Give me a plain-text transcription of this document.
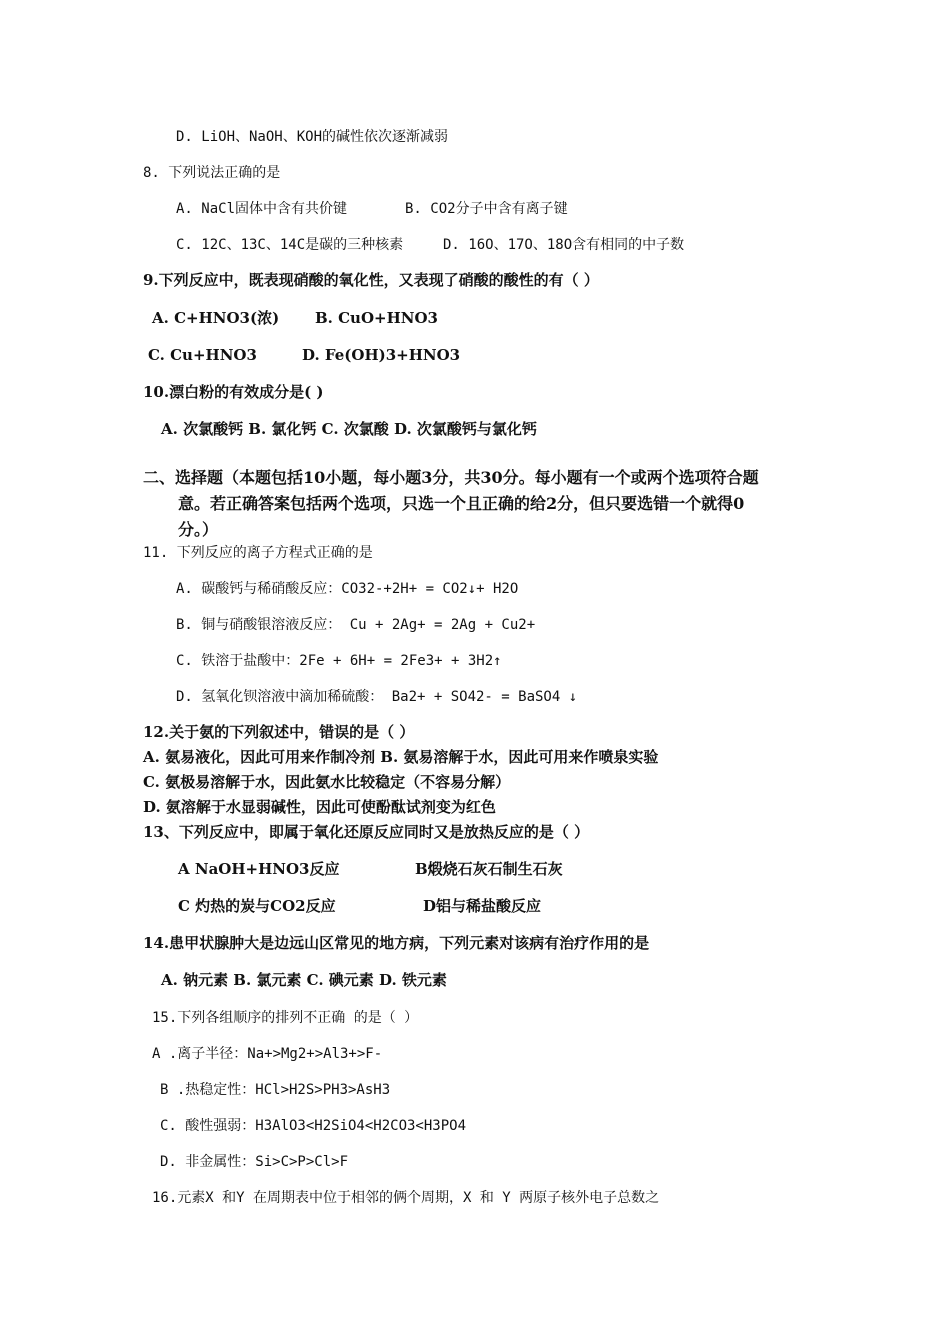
D. LiOH、NaOH、KOH的碱性依次逐渐减弱
8. 下列说法正确的是
A. NaCl固体中含有共价键	B. CO2分子中含有离子键
C. 12C、13C、14C是碳的三种核素	D. 16O、17O、18O含有相同的中子数
9.下列反应中，既表现硝酸的氧化性，又表现了硝酸的酸性的有（ ）
A. C+HNO3(浓) B. CuO+HNO3
C. Cu+HNO3	D. Fe(OH)3+HNO3
10.漂白粉的有效成分是( )
A. 次氯酸钙 B. 氯化钙 C. 次氯酸 D. 次氯酸钙与氯化钙
二、选择题（本题包括10小题，每小题3分，共30分。每小题有一个或两个选项符合题
意。若正确答案包括两个选项，只选一个且正确的给2分，但只要选错一个就得0
分。）
11. 下列反应的离子方程式正确的是
A. 碳酸钙与稀硝酸反应：CO32-+2H+ = CO2↓+ H2O
B. 铜与硝酸银溶液反应： Cu + 2Ag+ = 2Ag + Cu2+
C. 铁溶于盐酸中：2Fe + 6H+ = 2Fe3+ + 3H2↑
D. 氢氧化钡溶液中滴加稀硫酸： Ba2+ + SO42- = BaSO4 ↓
12.关于氨的下列叙述中，错误的是（ ）
A. 氨易液化，因此可用来作制冷剂 B. 氨易溶解于水，因此可用来作喷泉实验
C. 氨极易溶解于水，因此氨水比较稳定（不容易分解）
D. 氨溶解于水显弱碱性，因此可使酚酞试剂变为红色
13、下列反应中，即属于氧化还原反应同时又是放热反应的是（ ）
A NaOH+HNO3反应	B煅烧石灰石制生石灰
C 灼热的炭与CO2反应	D铝与稀盐酸反应
14.患甲状腺肿大是边远山区常见的地方病，下列元素对该病有治疗作用的是
A. 钠元素 B. 氯元素 C. 碘元素 D. 铁元素
15.下列各组顺序的排列不正确 的是（ ）
A .离子半径：Na+>Mg2+>Al3+>F-
B .热稳定性：HCl>H2S>PH3>AsH3
C. 酸性强弱：H3AlO3<H2SiO4<H2CO3<H3PO4
D. 非金属性：Si>C>P>Cl>F
16.元素X 和Y 在周期表中位于相邻的俩个周期，X 和 Y 两原子核外电子总数之
